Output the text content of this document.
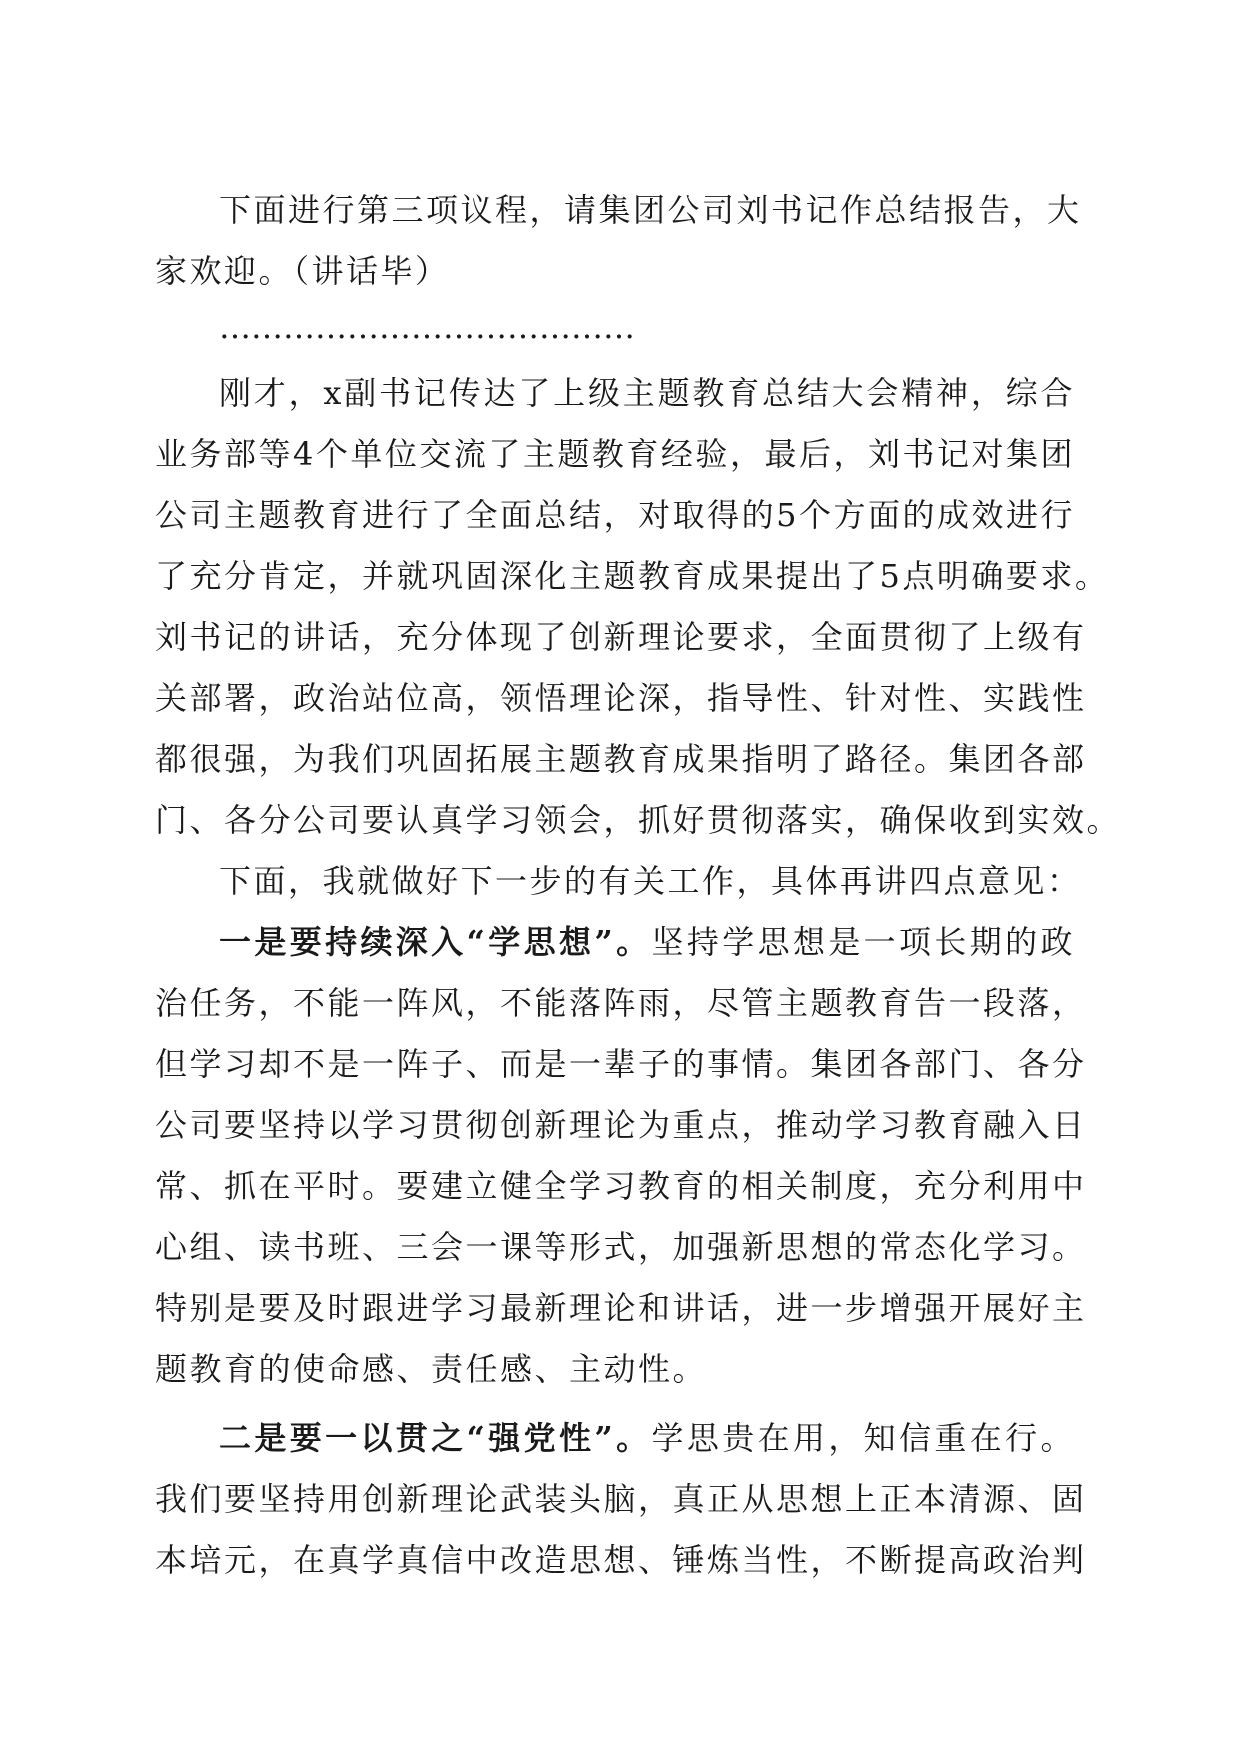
下面进行第三项议程，请集团公司刘书记作总结报告，大
家欢迎。（讲话毕）
…………………………………
刚才，x副书记传达了上级主题教育总结大会精神，综合
业务部等4个单位交流了主题教育经验，最后，刘书记对集团
公司主题教育进行了全面总结，对取得的5个方面的成效进行
了充分肯定，并就巩固深化主题教育成果提出了5点明确要求。
刘书记的讲话，充分体现了创新理论要求，全面贯彻了上级有
关部署，政治站位高，领悟理论深，指导性、针对性、实践性
都很强，为我们巩固拓展主题教育成果指明了路径。集团各部
门、各分公司要认真学习领会，抓好贯彻落实，确保收到实效。
下面，我就做好下一步的有关工作，具体再讲四点意见：
一是要持续深入“学思想”。坚持学思想是一项长期的政
治任务，不能一阵风，不能落阵雨，尽管主题教育告一段落，
但学习却不是一阵子、而是一辈子的事情。集团各部门、各分
公司要坚持以学习贯彻创新理论为重点，推动学习教育融入日
常、抓在平时。要建立健全学习教育的相关制度，充分利用中
心组、读书班、三会一课等形式，加强新思想的常态化学习。
特别是要及时跟进学习最新理论和讲话，进一步增强开展好主
题教育的使命感、责任感、主动性。
二是要一以贯之“强党性”。学思贵在用，知信重在行。
我们要坚持用创新理论武装头脑，真正从思想上正本清源、固
本培元，在真学真信中改造思想、锤炼当性，不断提高政治判
